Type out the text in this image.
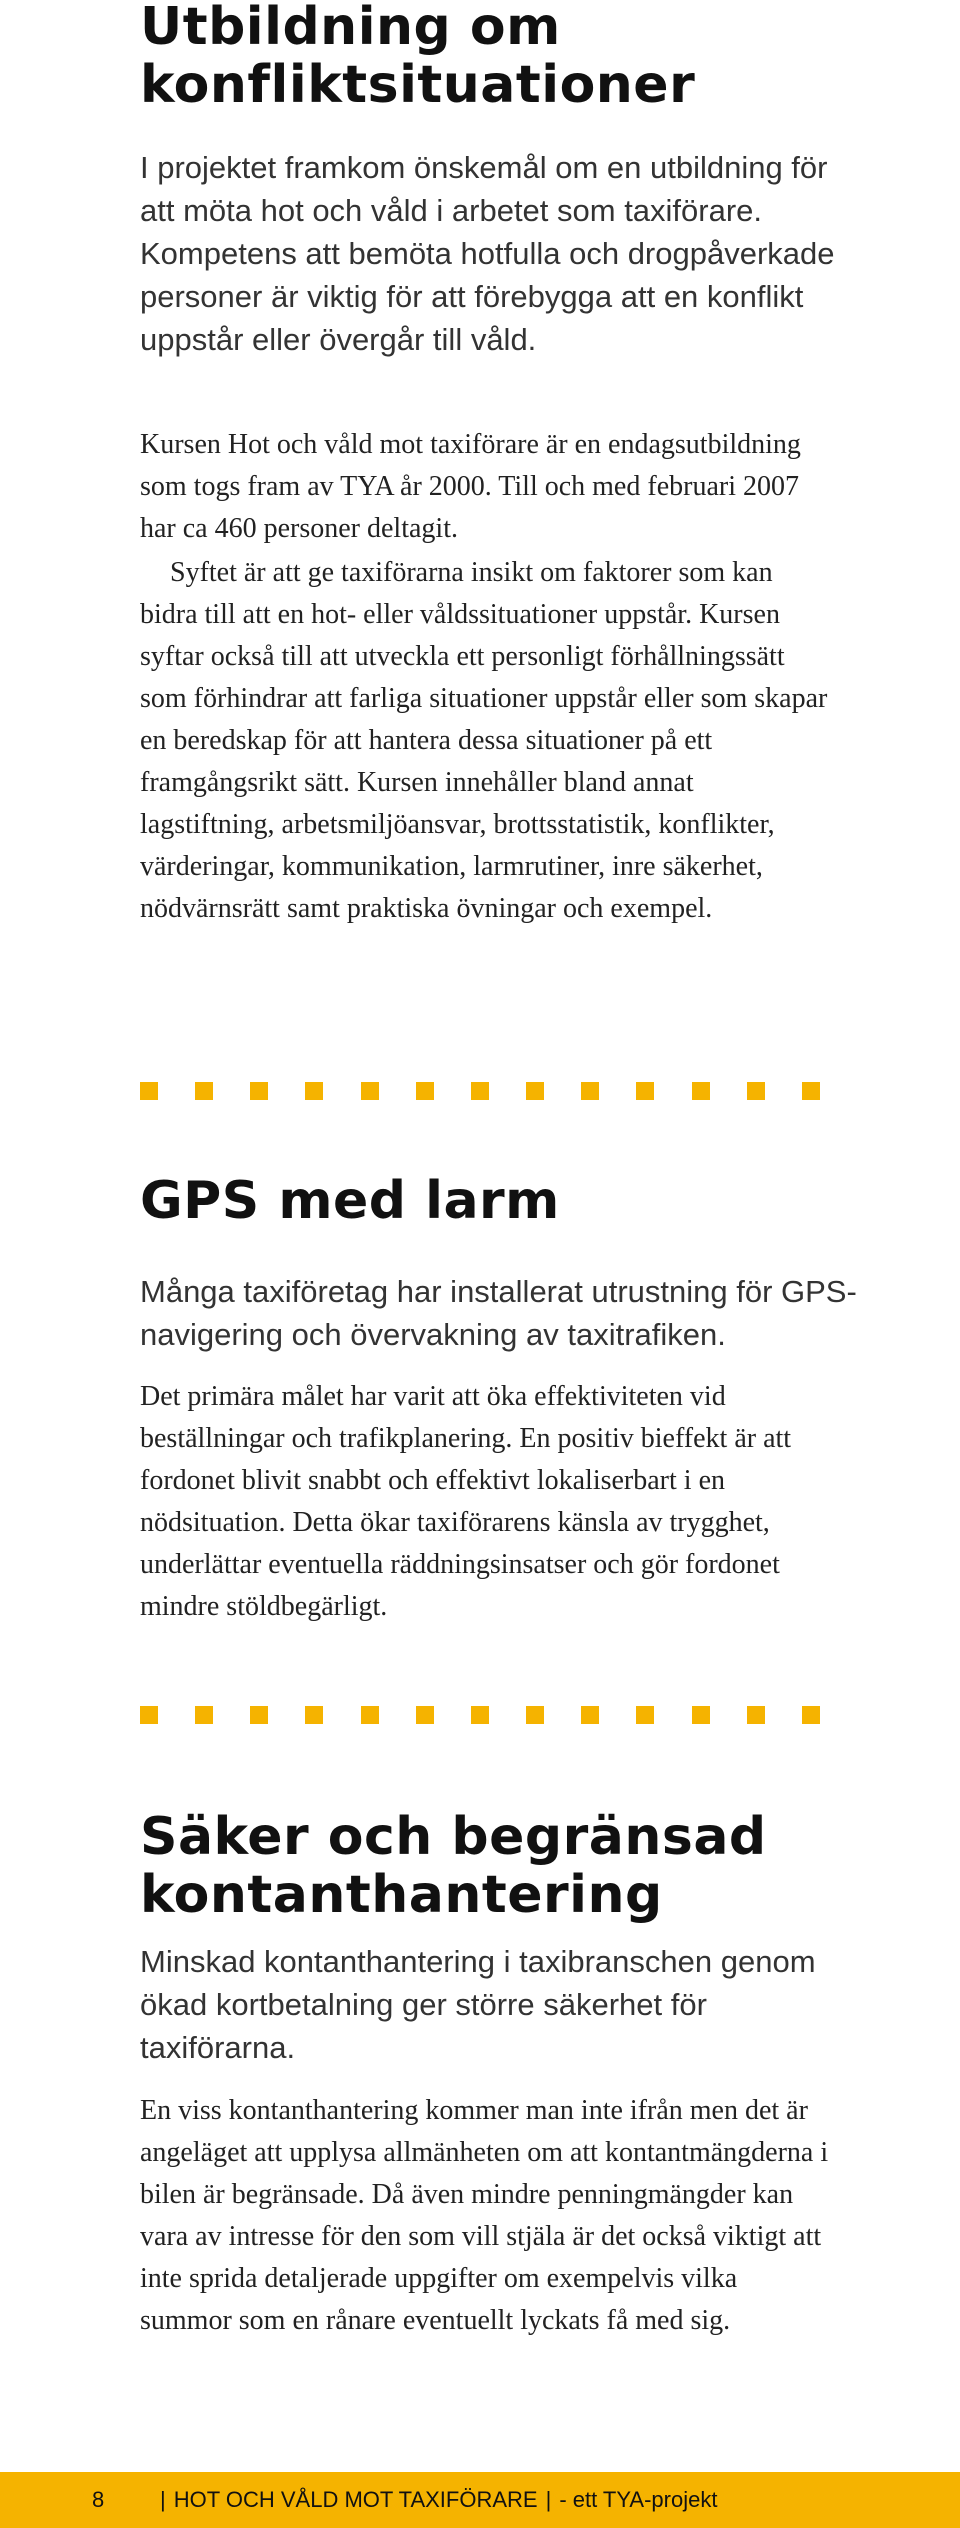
Utbildning om
konfliktsituationer

I projektet framkom önskemål om en utbildning för att möta hot och våld i arbetet som taxiförare. Kompetens att bemöta hotfulla och drogpåverkade personer är viktig för att förebygga att en konflikt uppstår eller övergår till våld.

Kursen Hot och våld mot taxiförare är en endagsutbildning som togs fram av TYA år 2000. Till och med februari 2007 har ca 460 personer deltagit.

Syftet är att ge taxiförarna insikt om faktorer som kan bidra till att en hot- eller våldssituationer uppstår. Kursen syftar också till att utveckla ett personligt förhållningssätt som förhindrar att farliga situationer uppstår eller som skapar en beredskap för att hantera dessa situationer på ett framgångsrikt sätt. Kursen innehåller bland annat lagstiftning, arbetsmiljöansvar, brottsstatistik, konflikter, värderingar, kommunikation, larmrutiner, inre säkerhet, nödvärnsrätt samt praktiska övningar och exempel.

GPS med larm

Många taxiföretag har installerat utrustning för GPS-navigering och övervakning av taxitrafiken.

Det primära målet har varit att öka effektiviteten vid beställningar och trafikplanering. En positiv bieffekt är att fordonet blivit snabbt och effektivt lokaliserbart i en nödsituation. Detta ökar taxiförarens känsla av trygghet, underlättar eventuella räddningsinsatser och gör fordonet mindre stöldbegärligt.

Säker och begränsad
kontanthantering

Minskad kontanthantering i taxibranschen genom ökad kortbetalning ger större säkerhet för taxiförarna.

En viss kontanthantering kommer man inte ifrån men det är angeläget att upplysa allmänheten om att kontantmängderna i bilen är begränsade. Då även mindre penningmängder kan vara av intresse för den som vill stjäla är det också viktigt att inte sprida detaljerade uppgifter om exempelvis vilka summor som en rånare eventuellt lyckats få med sig.

8	| HOT OCH VÅLD MOT TAXIFÖRARE | - ett TYA-projekt
